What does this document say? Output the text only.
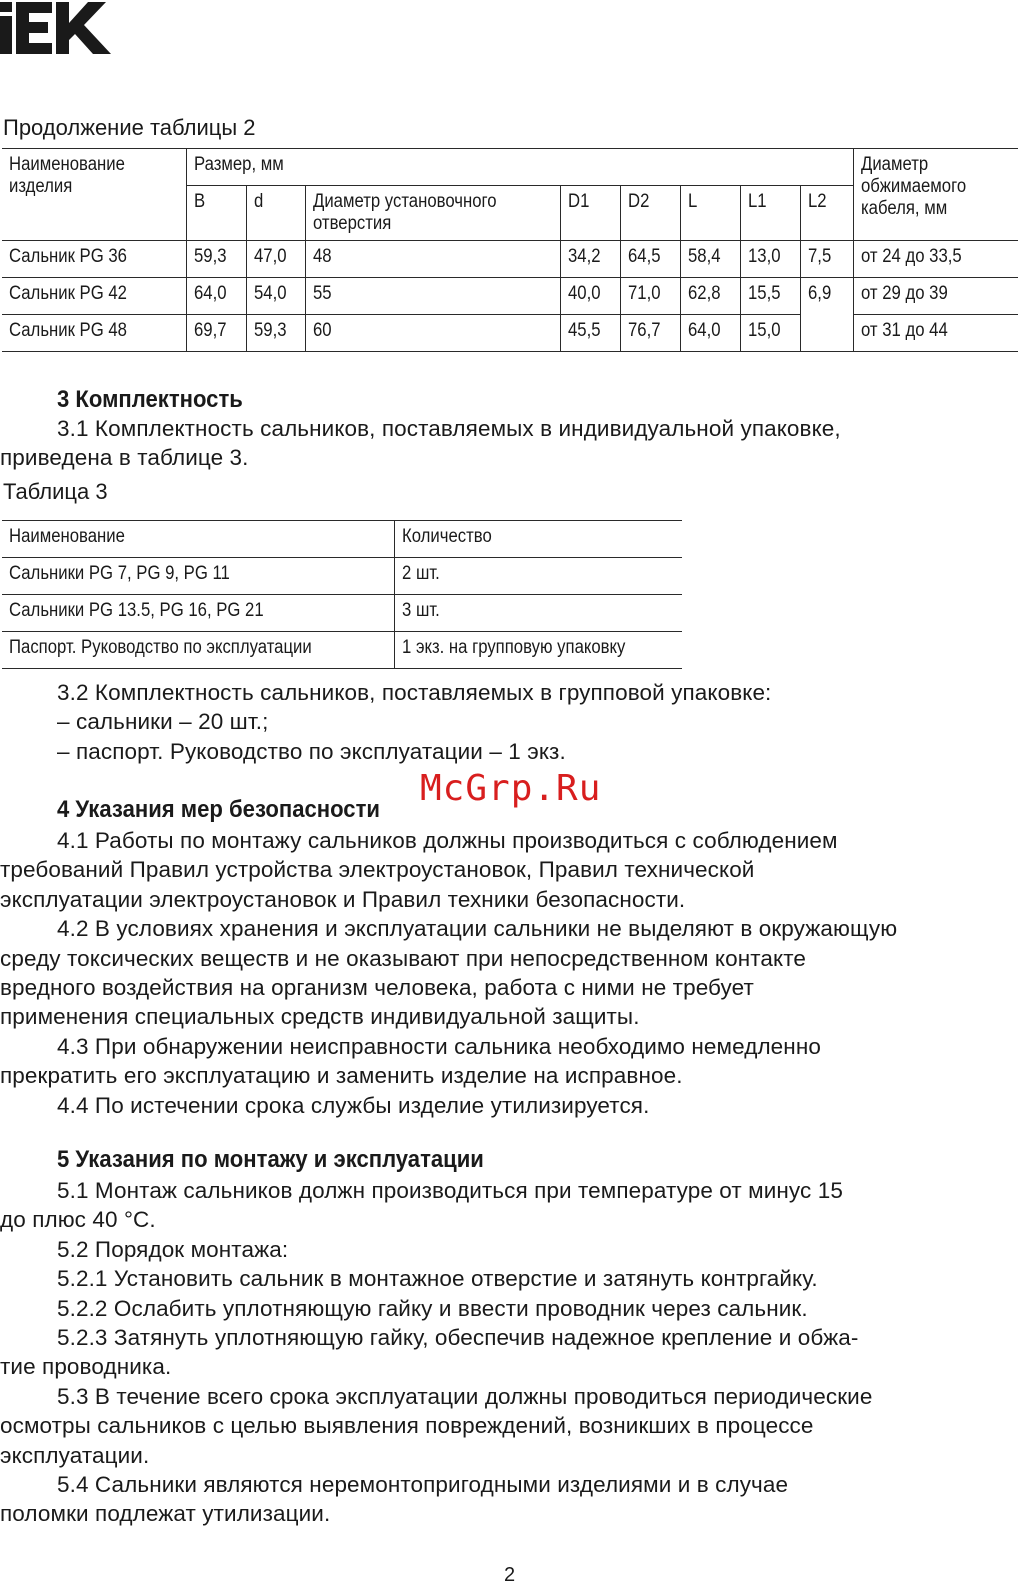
Продолжение таблицы 2
Наименование изделия	Размер, мм								Диаметр обжимаемого кабеля, мм

	B	d	Диаметр установочного отверстия	D1	D2	L	L1	L2	
Сальник PG 36	59,3	47,0	48	34,2	64,5	58,4	13,0	7,5	от 24 до 33,5
Сальник PG 42	64,0	54,0	55	40,0	71,0	62,8	15,5	6,9	от 29 до 39
Сальник PG 48	69,7	59,3	60	45,5	76,7	64,0	15,0		от 31 до 44
3 Комплектность
3.1 Комплектность сальников, поставляемых в индивидуальной упаковке,
приведена в таблице 3.
Таблица 3
Наименование	Количество
Сальники PG 7, PG 9, PG 11	2 шт.
Сальники PG 13.5, PG 16, PG 21	3 шт.
Паспорт. Руководство по эксплуатации	1 экз. на групповую упаковку
3.2 Комплектность сальников, поставляемых в групповой упаковке:
– сальники – 20 шт.;
– паспорт. Руководство по эксплуатации – 1 экз.
McGrp.Ru
4 Указания мер безопасности
4.1 Работы по монтажу сальников должны производиться с соблюдением
требований Правил устройства электроустановок, Правил технической
эксплуатации электроустановок и Правил техники безопасности.
4.2 В условиях хранения и эксплуатации сальники не выделяют в окружающую
среду токсических веществ и не оказывают при непосредственном контакте
вредного воздействия на организм человека, работа с ними не требует
применения специальных средств индивидуальной защиты.
4.3 При обнаружении неисправности сальника необходимо немедленно
прекратить его эксплуатацию и заменить изделие на исправное.
4.4 По истечении срока службы изделие утилизируется.
5 Указания по монтажу и эксплуатации
5.1 Монтаж сальников должн производиться при температуре от минус 15
до плюс 40 °С.
5.2 Порядок монтажа:
5.2.1 Установить сальник в монтажное отверстие и затянуть контргайку.
5.2.2 Ослабить уплотняющую гайку и ввести проводник через сальник.
5.2.3 Затянуть уплотняющую гайку, обеспечив надежное крепление и обжа-
тие проводника.
5.3 В течение всего срока эксплуатации должны проводиться периодические
осмотры сальников с целью выявления повреждений, возникших в процессе
эксплуатации.
5.4 Сальники являются неремонтопригодными изделиями и в случае
поломки подлежат утилизации.
2
